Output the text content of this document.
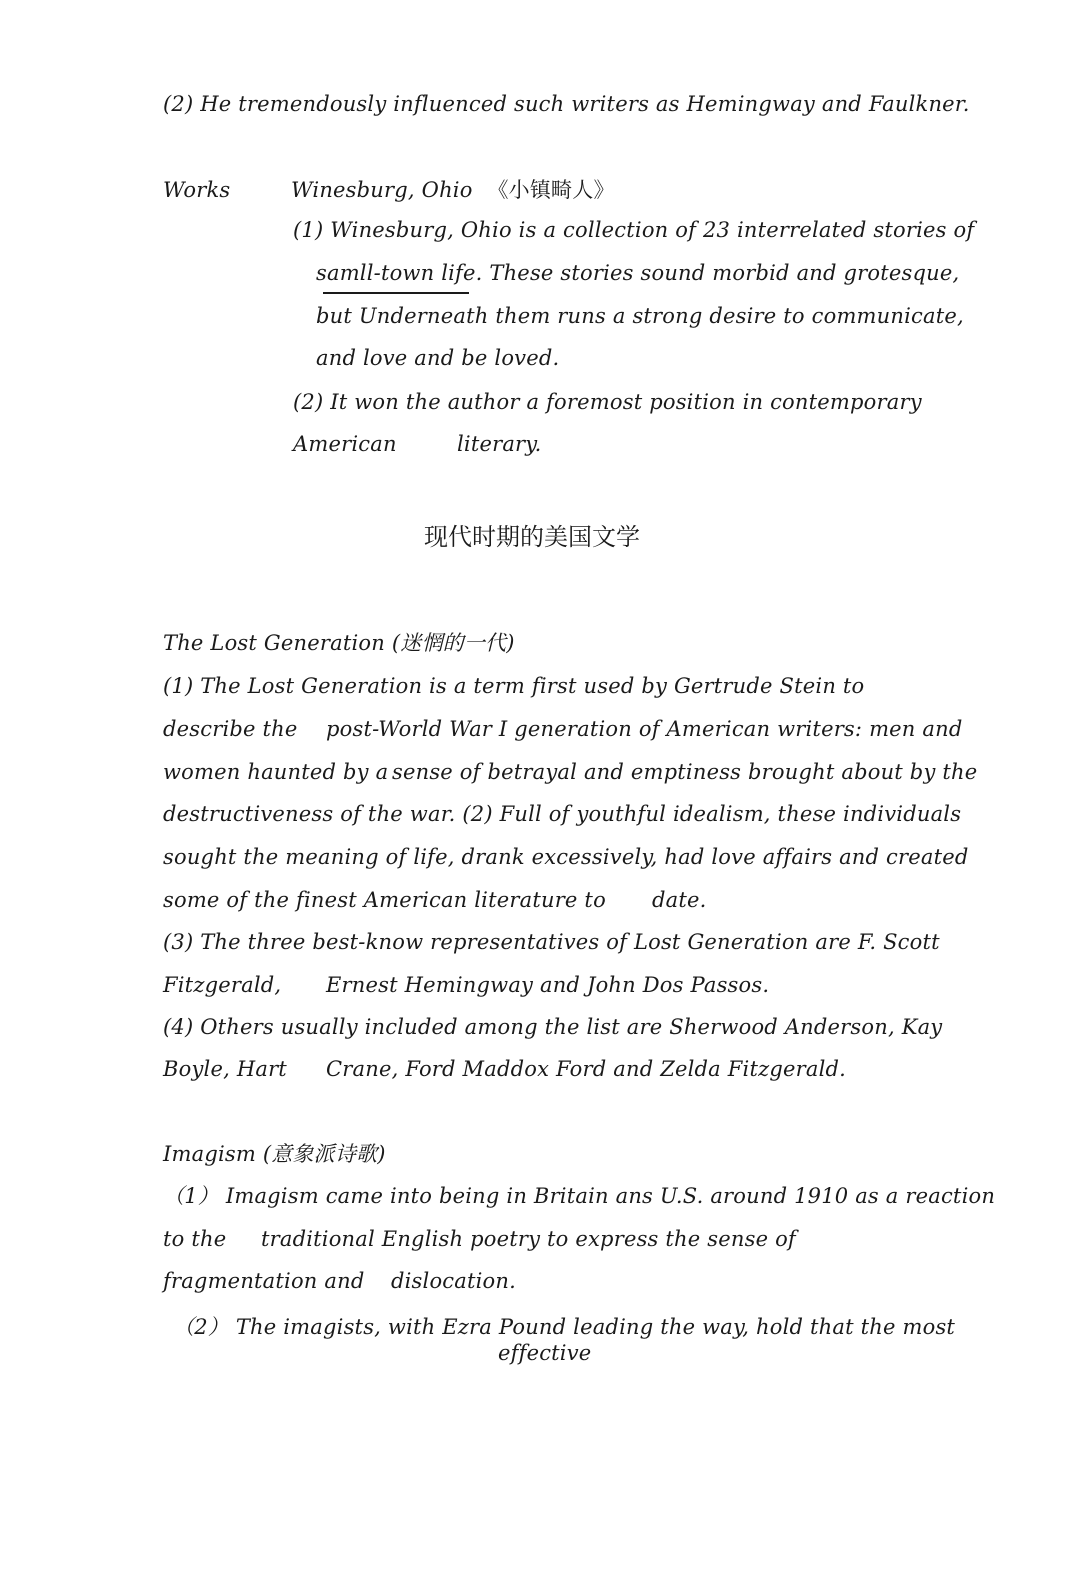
(2) He tremendously influenced such writers as Hemingway and Faulkner.
Works	Winesburg, Ohio 《小镇畸人》
(1) Winesburg, Ohio is a collection of 23 interrelated stories of
samll-town life. These stories sound morbid and grotesque,
but Underneath them runs a strong desire to communicate,
and love and be loved.
(2) It won the author a foremost position in contemporary
American	literary.
现代时期的美国文学
The Lost Generation (迷惘的一代)
(1) The Lost Generation is a term first used by Gertrude Stein to
describe the post-World War I generation of American writers: men and
women haunted by a sense of betrayal and emptiness brought about by the
destructiveness of the war. (2) Full of youthful idealism, these individuals
sought the meaning of life, drank excessively, had love affairs and created
some of the finest American literature to date.
(3) The three best-know representatives of Lost Generation are F. Scott
Fitzgerald, Ernest Hemingway and John Dos Passos.
(4) Others usually included among the list are Sherwood Anderson, Kay
Boyle, Hart Crane, Ford Maddox Ford and Zelda Fitzgerald.
Imagism (意象派诗歌)
（1） Imagism came into being in Britain ans U.S. around 1910 as a reaction
to the traditional English poetry to express the sense of
fragmentation and dislocation.
（2） The imagists, with Ezra Pound leading the way, hold that the most
effective
